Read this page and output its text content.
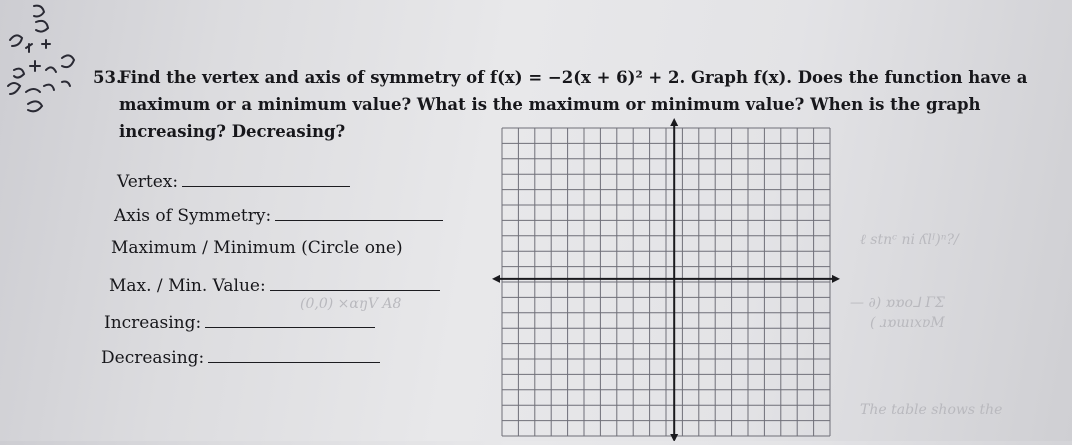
(0,0) ×ɑŋV A8
ℓ stnᶜ ni ʎlᴵ)ⁿ?/
— ∂) ɒɒo⅃ ΓΣ
( ɹɒɯıxɐM
The table shows the
53.Find the vertex and axis of symmetry of f(x) = −2(x + 6)² + 2. Graph f(x). Does the function have a
maximum or a minimum value? What is the maximum or minimum value? When is the graph
increasing? Decreasing?
Vertex:
Axis of Symmetry:
Maximum / Minimum (Circle one)
Max. / Min. Value:
Increasing:
Decreasing:
